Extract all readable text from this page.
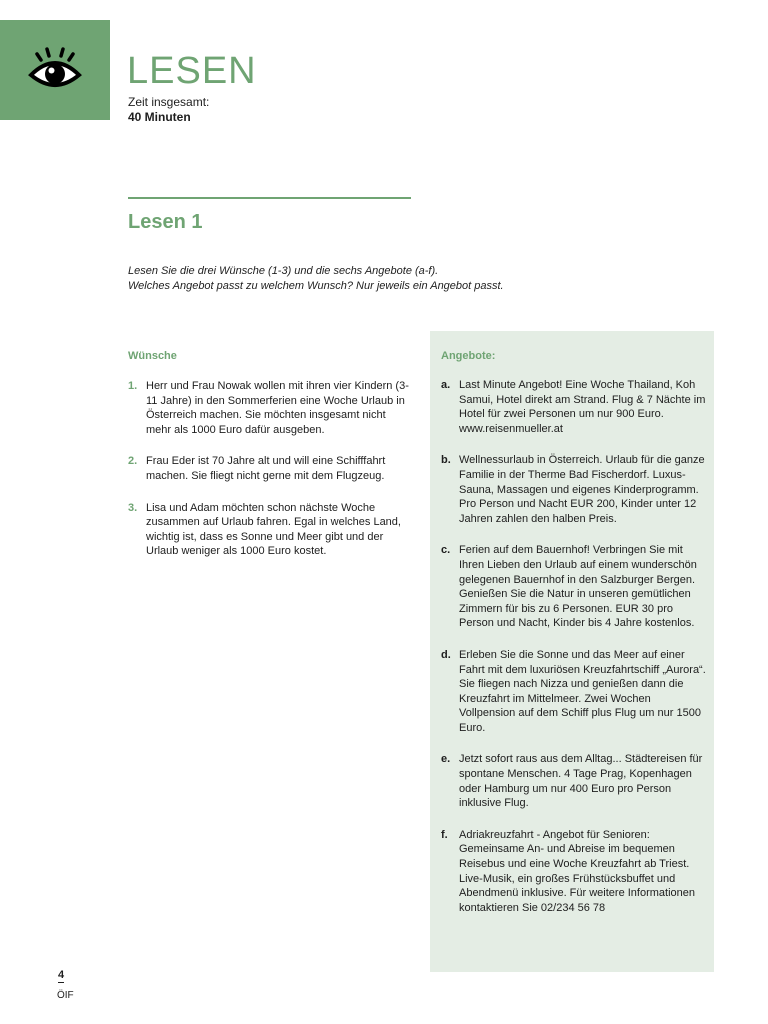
LESEN
Zeit insgesamt:
40 Minuten
Lesen 1
Lesen Sie die drei Wünsche (1-3) und die sechs Angebote (a-f).
Welches Angebot passt zu welchem Wunsch? Nur jeweils ein Angebot passt.
Wünsche
1. Herr und Frau Nowak wollen mit ihren vier Kindern (3-11 Jahre) in den Sommerferien eine Woche Urlaub in Österreich machen. Sie möchten insgesamt nicht mehr als 1000 Euro dafür ausgeben.
2. Frau Eder ist 70 Jahre alt und will eine Schifffahrt machen. Sie fliegt nicht gerne mit dem Flugzeug.
3. Lisa und Adam möchten schon nächste Woche zusammen auf Urlaub fahren. Egal in welches Land, wichtig ist, dass es Sonne und Meer gibt und der Urlaub weniger als 1000 Euro kostet.
Angebote:
a. Last Minute Angebot! Eine Woche Thailand, Koh Samui, Hotel direkt am Strand. Flug & 7 Nächte im Hotel für zwei Personen um nur 900 Euro. www.reisenmueller.at
b. Wellnessurlaub in Österreich. Urlaub für die ganze Familie in der Therme Bad Fischerdorf. Luxus-Sauna, Massagen und eigenes Kinderprogramm. Pro Person und Nacht EUR 200, Kinder unter 12 Jahren zahlen den halben Preis.
c. Ferien auf dem Bauernhof! Verbringen Sie mit Ihren Lieben den Urlaub auf einem wunderschön gelegenen Bauernhof in den Salzburger Bergen. Genießen Sie die Natur in unseren gemütlichen Zimmern für bis zu 6 Personen. EUR 30 pro Person und Nacht, Kinder bis 4 Jahre kostenlos.
d. Erleben Sie die Sonne und das Meer auf einer Fahrt mit dem luxuriösen Kreuzfahrtschiff „Aurora“. Sie fliegen nach Nizza und genießen dann die Kreuzfahrt im Mittelmeer. Zwei Wochen Vollpension auf dem Schiff plus Flug um nur 1500 Euro.
e. Jetzt sofort raus aus dem Alltag... Städtereisen für spontane Menschen. 4 Tage Prag, Kopenhagen oder Hamburg um nur 400 Euro pro Person inklusive Flug.
f.	Adriakreuzfahrt - Angebot für Senioren: Gemeinsame An- und Abreise im bequemen Reisebus und eine Woche Kreuzfahrt ab Triest. Live-Musik, ein großes Frühstücksbuffet und Abendmenü inklusive. Für weitere Informationen kontaktieren Sie 02/234 56 78
4
ÖIF
